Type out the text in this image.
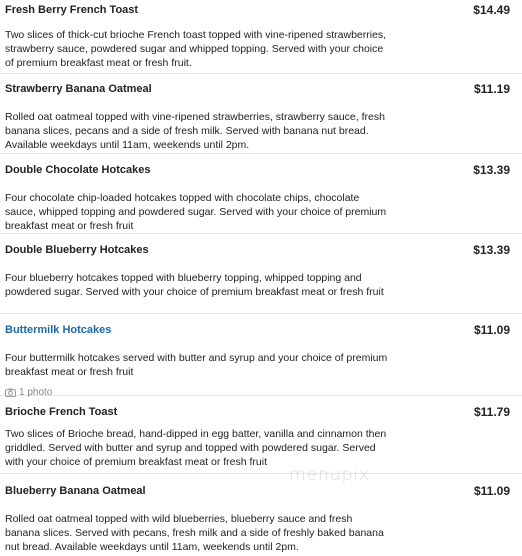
Fresh Berry French Toast	$14.49

Two slices of thick-cut brioche French toast topped with vine-ripened strawberries, strawberry sauce, powdered sugar and whipped topping. Served with your choice of premium breakfast meat or fresh fruit.

Strawberry Banana Oatmeal	$11.19

Rolled oat oatmeal topped with vine-ripened strawberries, strawberry sauce, fresh banana slices, pecans and a side of fresh milk. Served with banana nut bread. Available weekdays until 11am, weekends until 2pm.

Double Chocolate Hotcakes	$13.39

Four chocolate chip-loaded hotcakes topped with chocolate chips, chocolate sauce, whipped topping and powdered sugar. Served with your choice of premium breakfast meat or fresh fruit

Double Blueberry Hotcakes	$13.39

Four blueberry hotcakes topped with blueberry topping, whipped topping and powdered sugar. Served with your choice of premium breakfast meat or fresh fruit

Buttermilk Hotcakes	$11.09

Four buttermilk hotcakes served with butter and syrup and your choice of premium breakfast meat or fresh fruit

1 photo
Brioche French Toast	$11.79

Two slices of Brioche bread, hand-dipped in egg batter, vanilla and cinnamon then griddled. Served with butter and syrup and topped with powdered sugar. Served with your choice of premium breakfast meat or fresh fruit

Blueberry Banana Oatmeal	$11.09

Rolled oat oatmeal topped with wild blueberries, blueberry sauce and fresh banana slices. Served with pecans, fresh milk and a side of freshly baked banana nut bread. Available weekdays until 11am, weekends until 2pm.

menupix
